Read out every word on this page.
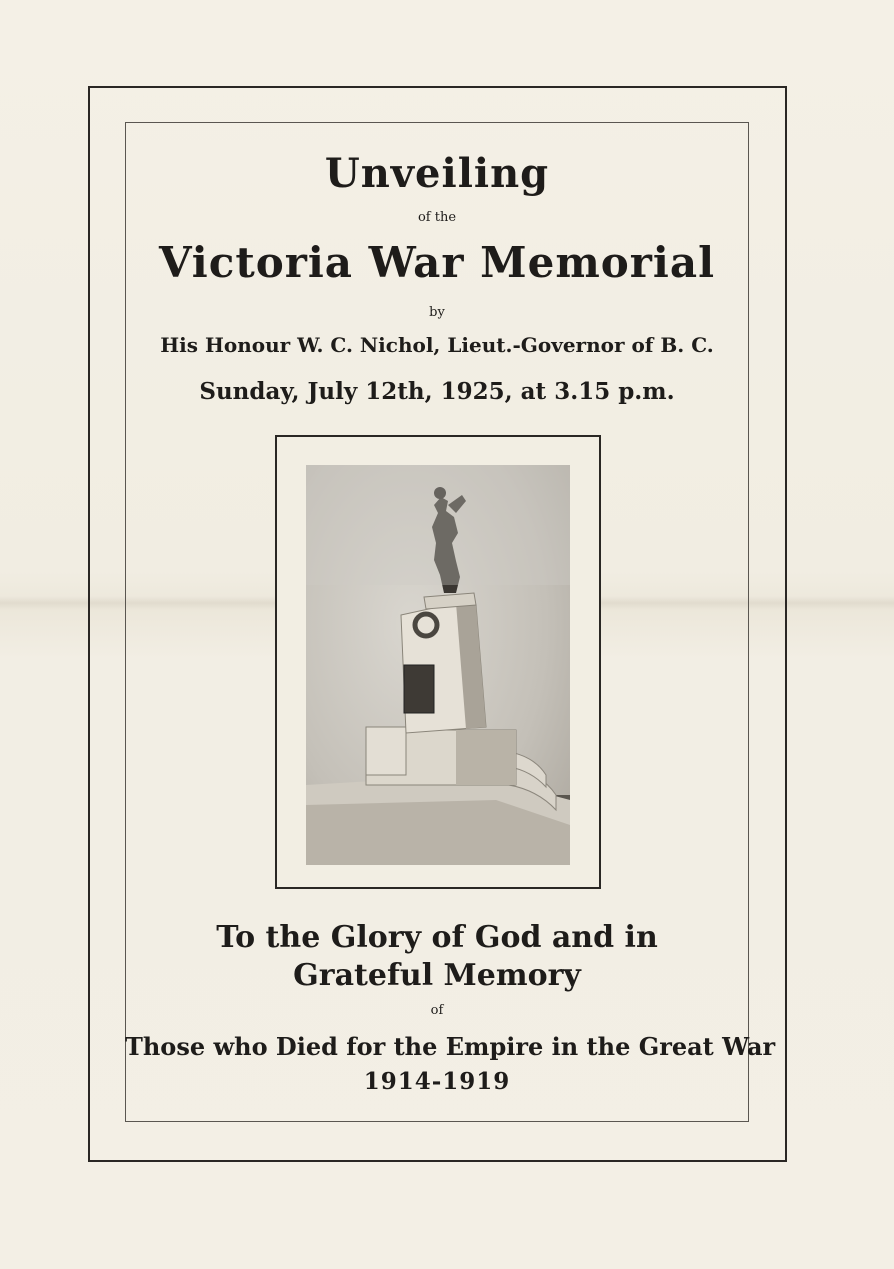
Unveiling
of the
Victoria War Memorial
by
His Honour W. C. Nichol, Lieut.-Governor of B. C.
Sunday, July 12th, 1925, at 3.15 p.m.
To the Glory of God and in
Grateful Memory
of
Those who Died for the Empire in the Great War
1914-1919
